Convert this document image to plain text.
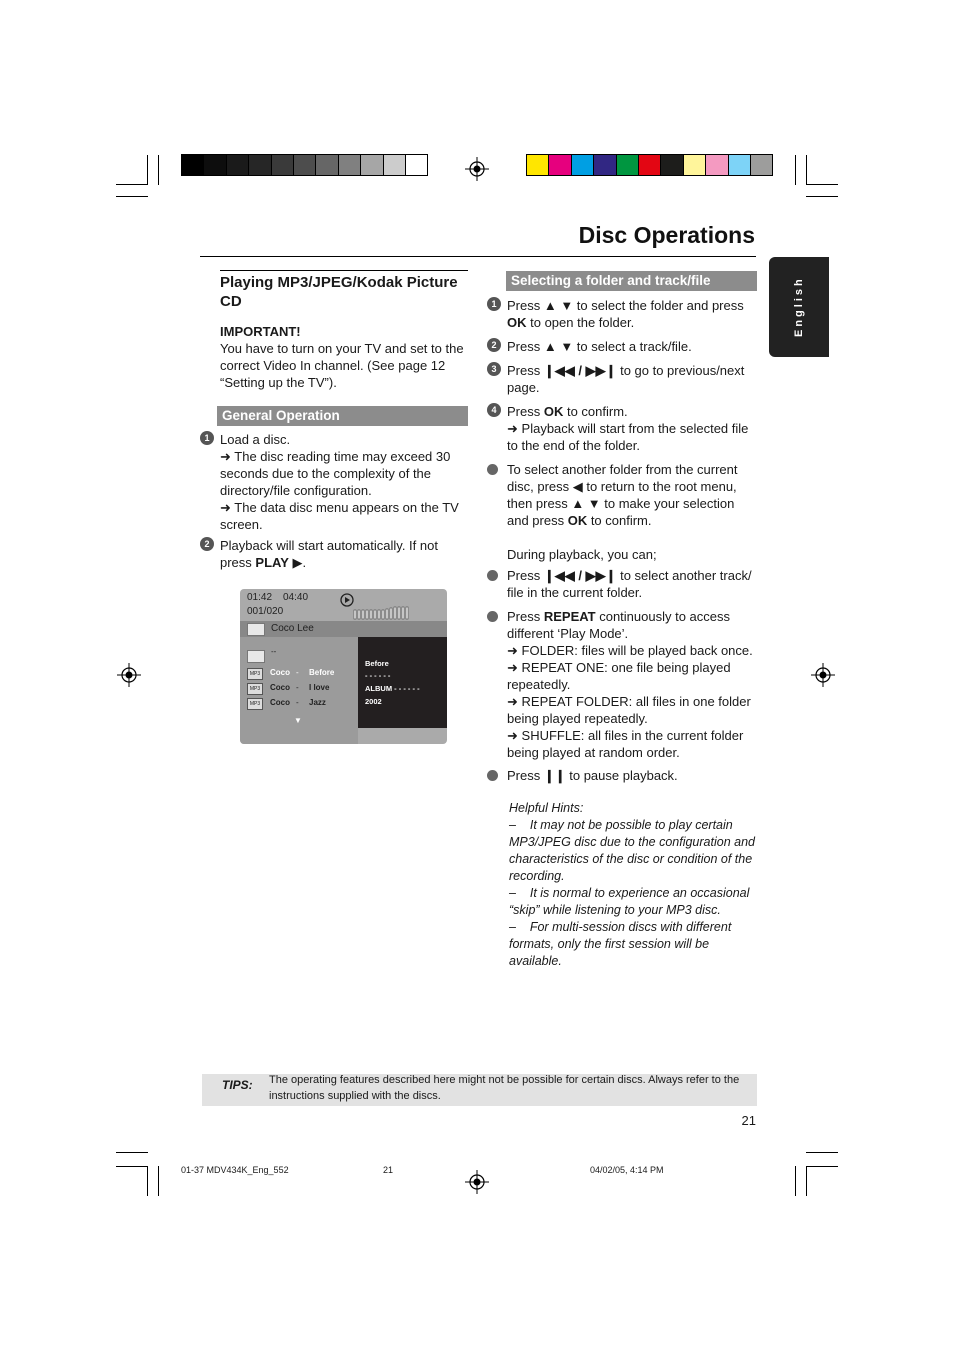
Disc Operations
English
Playing MP3/JPEG/Kodak Picture CD
IMPORTANT!
You have to turn on your TV and set to the correct Video In channel. (See page 12 “Setting up the TV”).
General Operation
1 Load a disc.
➜ The disc reading time may exceed 30 seconds due to the complexity of the directory/file configuration.
➜ The data disc menu appears on the TV screen.
2 Playback will start automatically. If not press PLAY ▶.
01:42 04:40
001/020
Coco Lee
--
MP3	Coco - Before
MP3	Coco - I love
MP3	Coco - Jazz
▼
Before
- - - - - -
ALBUM - - - - - -
2002
Selecting a folder and track/file
1 Press ▲ ▼ to select the folder and press OK to open the folder.
2 Press ▲ ▼ to select a track/file.
3 Press ❙◀◀ / ▶▶❙ to go to previous/next page.
4 Press OK to confirm.
➜ Playback will start from the selected file to the end of the folder.
To select another folder from the current disc, press ◀ to return to the root menu, then press ▲ ▼ to make your selection and press OK to confirm.
During playback, you can;
Press ❙◀◀ / ▶▶❙ to select another track/ file in the current folder.
Press REPEAT continuously to access different ‘Play Mode’.
➜ FOLDER: files will be played back once.
➜ REPEAT ONE: one file being played repeatedly.
➜ REPEAT FOLDER: all files in one folder being played repeatedly.
➜ SHUFFLE: all files in the current folder being played at random order.
Press ❙❙ to pause playback.
Helpful Hints:
–    It may not be possible to play certain MP3/JPEG disc due to the configuration and characteristics of the disc or condition of the recording.
–    It is normal to experience an occasional “skip” while listening to your MP3 disc.
–    For multi-session discs with different formats, only the first session will be available.
TIPS: The operating features described here might not be possible for certain discs. Always refer to the instructions supplied with the discs.
21
01-37 MDV434K_Eng_552	21	04/02/05, 4:14 PM
